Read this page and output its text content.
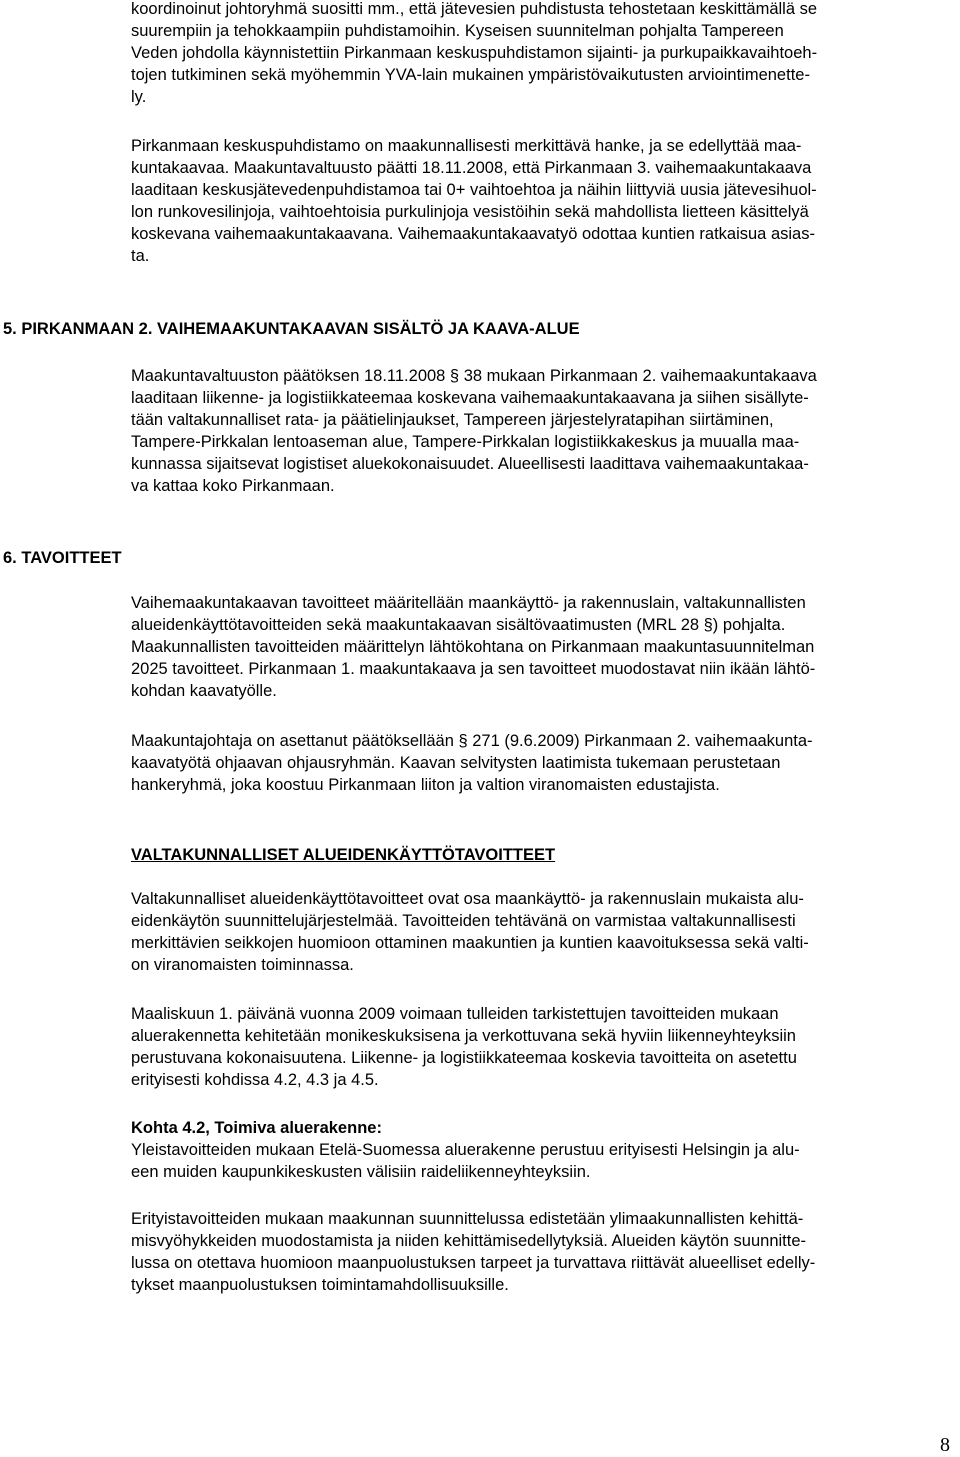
koordinoinut johtoryhmä suositti mm., että jätevesien puhdistusta tehostetaan keskittämällä se
suurempiin ja tehokkaampiin puhdistamoihin. Kyseisen suunnitelman pohjalta Tampereen
Veden johdolla käynnistettiin Pirkanmaan keskuspuhdistamon sijainti- ja purkupaikkavaihtoeh-
tojen tutkiminen sekä myöhemmin YVA-lain mukainen ympäristövaikutusten arviointimenette-
ly.
Pirkanmaan keskuspuhdistamo on maakunnallisesti merkittävä hanke, ja se edellyttää maa-
kuntakaavaa. Maakuntavaltuusto päätti 18.11.2008, että Pirkanmaan 3. vaihemaakuntakaava
laaditaan keskusjätevedenpuhdistamoa tai 0+ vaihtoehtoa ja näihin liittyviä uusia jätevesihuol-
lon runkovesilinjoja, vaihtoehtoisia purkulinjoja vesistöihin sekä mahdollista lietteen käsittelyä
koskevana vaihemaakuntakaavana. Vaihemaakuntakaavatyö odottaa kuntien ratkaisua asias-
ta.
5. PIRKANMAAN 2. VAIHEMAAKUNTAKAAVAN SISÄLTÖ JA KAAVA-ALUE
Maakuntavaltuuston päätöksen 18.11.2008 § 38 mukaan Pirkanmaan 2. vaihemaakuntakaava
laaditaan liikenne- ja logistiikkateemaa koskevana vaihemaakuntakaavana ja siihen sisällyte-
tään valtakunnalliset rata- ja päätielinjaukset, Tampereen järjestelyratapihan siirtäminen,
Tampere-Pirkkalan lentoaseman alue, Tampere-Pirkkalan logistiikkakeskus ja muualla maa-
kunnassa sijaitsevat logistiset aluekokonaisuudet. Alueellisesti laadittava vaihemaakuntakaa-
va kattaa koko Pirkanmaan.
6. TAVOITTEET
Vaihemaakuntakaavan tavoitteet määritellään maankäyttö- ja rakennuslain, valtakunnallisten
alueidenkäyttötavoitteiden sekä maakuntakaavan sisältövaatimusten (MRL 28 §) pohjalta.
Maakunnallisten tavoitteiden määrittelyn lähtökohtana on Pirkanmaan maakuntasuunnitelman
2025 tavoitteet. Pirkanmaan 1. maakuntakaava ja sen tavoitteet muodostavat niin ikään lähtö-
kohdan kaavatyölle.
Maakuntajohtaja on asettanut päätöksellään § 271 (9.6.2009) Pirkanmaan 2. vaihemaakunta-
kaavatyötä ohjaavan ohjausryhmän. Kaavan selvitysten laatimista tukemaan perustetaan
hankeryhmä, joka koostuu Pirkanmaan liiton ja valtion viranomaisten edustajista.
VALTAKUNNALLISET ALUEIDENKÄYTTÖTAVOITTEET
Valtakunnalliset alueidenkäyttötavoitteet ovat osa maankäyttö- ja rakennuslain mukaista alu-
eidenkäytön suunnittelujärjestelmää. Tavoitteiden tehtävänä on varmistaa valtakunnallisesti
merkittävien seikkojen huomioon ottaminen maakuntien ja kuntien kaavoituksessa sekä valti-
on viranomaisten toiminnassa.
Maaliskuun 1. päivänä vuonna 2009 voimaan tulleiden tarkistettujen tavoitteiden mukaan
aluerakennetta kehitetään monikeskuksisena ja verkottuvana sekä hyviin liikenneyhteyksiin
perustuvana kokonaisuutena. Liikenne- ja logistiikkateemaa koskevia tavoitteita on asetettu
erityisesti kohdissa 4.2, 4.3 ja 4.5.
Kohta 4.2, Toimiva aluerakenne:
Yleistavoitteiden mukaan Etelä-Suomessa aluerakenne perustuu erityisesti Helsingin ja alu-
een muiden kaupunkikeskusten välisiin raideliikenneyhteyksiin.
Erityistavoitteiden mukaan maakunnan suunnittelussa edistetään ylimaakunnallisten kehittä-
misvyöhykkeiden muodostamista ja niiden kehittämisedellytyksiä. Alueiden käytön suunnitte-
lussa on otettava huomioon maanpuolustuksen tarpeet ja turvattava riittävät alueelliset edelly-
tykset maanpuolustuksen toimintamahdollisuuksille.
8
